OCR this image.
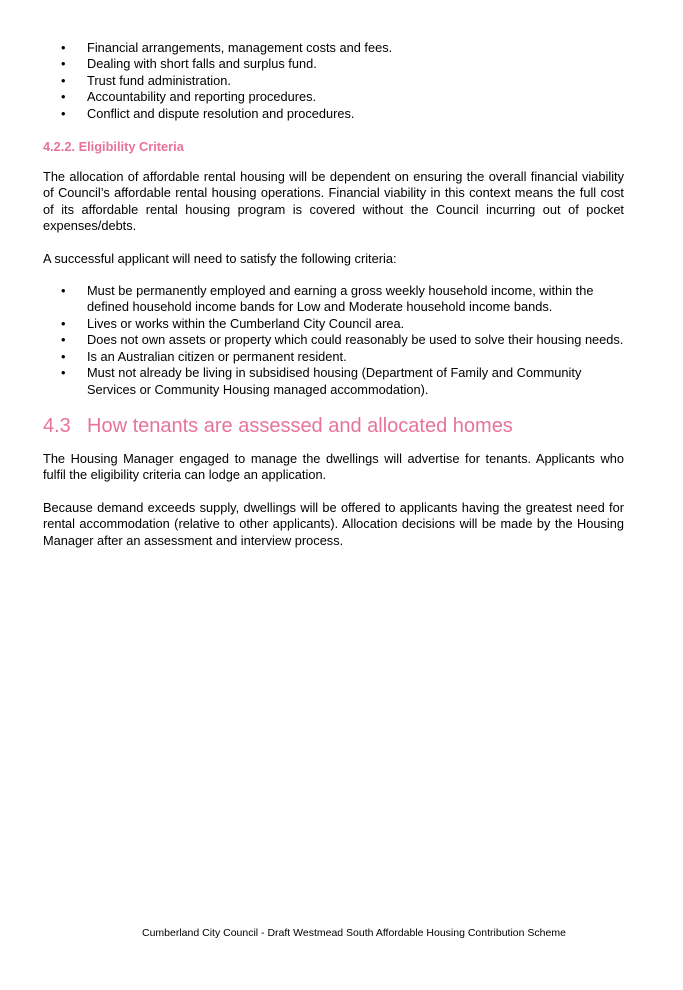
• Financial arrangements, management costs and fees.
• Dealing with short falls and surplus fund.
• Trust fund administration.
• Accountability and reporting procedures.
• Conflict and dispute resolution and procedures.
4.2.2. Eligibility Criteria

The allocation of affordable rental housing will be dependent on ensuring the overall financial viability of Council’s affordable rental housing operations. Financial viability in this context means the full cost of its affordable rental housing program is covered without the Council incurring out of pocket expenses/debts.

A successful applicant will need to satisfy the following criteria:

• Must be permanently employed and earning a gross weekly household income, within the defined household income bands for Low and Moderate household income bands.
• Lives or works within the Cumberland City Council area.
• Does not own assets or property which could reasonably be used to solve their housing needs.
• Is an Australian citizen or permanent resident.
• Must not already be living in subsidised housing (Department of Family and Community Services or Community Housing managed accommodation).
4.3 How tenants are assessed and allocated homes

The Housing Manager engaged to manage the dwellings will advertise for tenants. Applicants who fulfil the eligibility criteria can lodge an application.

Because demand exceeds supply, dwellings will be offered to applicants having the greatest need for rental accommodation (relative to other applicants). Allocation decisions will be made by the Housing Manager after an assessment and interview process.

Cumberland City Council - Draft Westmead South Affordable Housing Contribution Scheme
